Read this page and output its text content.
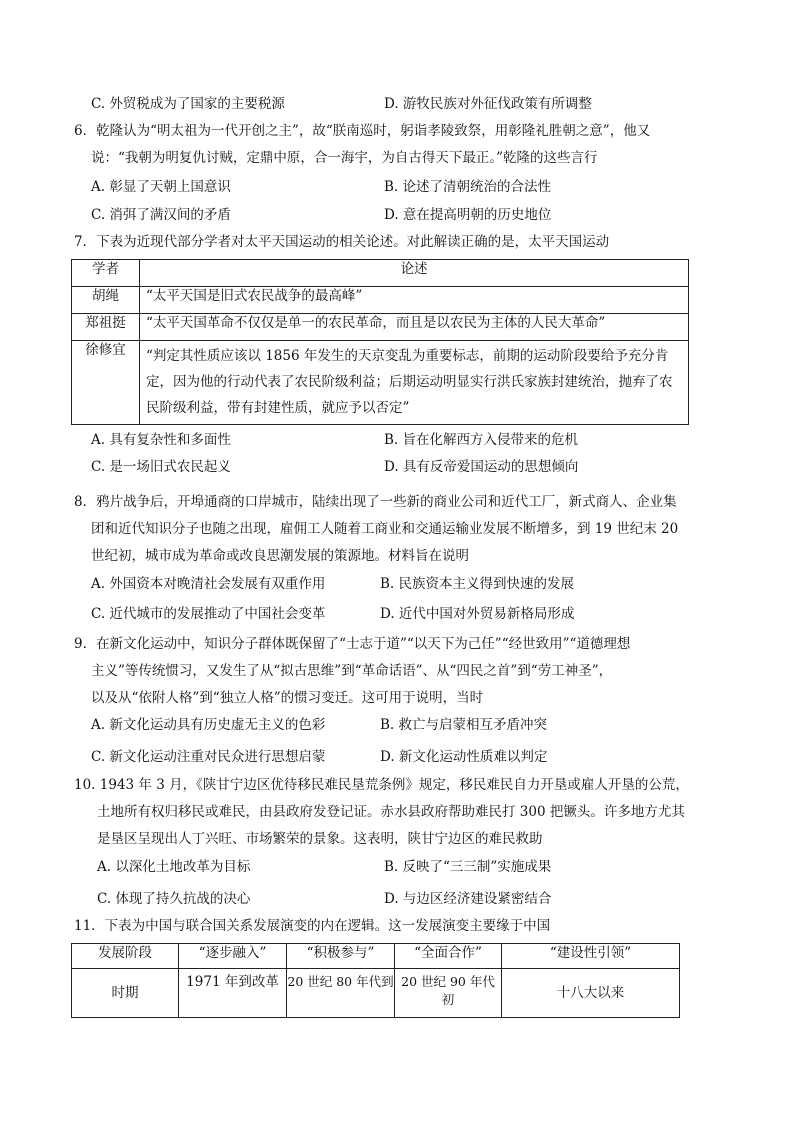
C. 外贸税成为了国家的主要税源	D. 游牧民族对外征伐政策有所调整
6．乾隆认为“明太祖为一代开创之主”，故“朕南巡时，躬诣孝陵致祭，用彰隆礼胜朝之意”，他又
说：“我朝为明复仇讨贼，定鼎中原，合一海宇，为自古得天下最正。”乾隆的这些言行
A. 彰显了天朝上国意识	B. 论述了清朝统治的合法性
C. 消弭了满汉间的矛盾	D. 意在提高明朝的历史地位
7．下表为近现代部分学者对太平天国运动的相关论述。对此解读正确的是，太平天国运动
学者	论述
胡绳	“太平天国是旧式农民战争的最高峰”
郑祖挺	“太平天国革命不仅仅是单一的农民革命，而且是以农民为主体的人民大革命”
徐修宜	“判定其性质应该以 1856 年发生的天京变乱为重要标志，前期的运动阶段要给予充分肯定，因为他的行动代表了农民阶级利益；后期运动明显实行洪氏家族封建统治，抛弃了农民阶级利益，带有封建性质，就应予以否定”
A. 具有复杂性和多面性	B. 旨在化解西方入侵带来的危机
C. 是一场旧式农民起义	D. 具有反帝爱国运动的思想倾向
8．鸦片战争后，开埠通商的口岸城市，陆续出现了一些新的商业公司和近代工厂，新式商人、企业集
团和近代知识分子也随之出现，雇佣工人随着工商业和交通运输业发展不断增多，到 19 世纪末 20
世纪初，城市成为革命或改良思潮发展的策源地。材料旨在说明
A. 外国资本对晚清社会发展有双重作用	B. 民族资本主义得到快速的发展
C. 近代城市的发展推动了中国社会变革	D. 近代中国对外贸易新格局形成
9．在新文化运动中，知识分子群体既保留了“士志于道”“以天下为己任”“经世致用”“道德理想
主义”等传统惯习，又发生了从“拟古思维”到“革命话语”、从“四民之首”到“劳工神圣”，
以及从“依附人格”到“独立人格”的惯习变迁。这可用于说明，当时
A. 新文化运动具有历史虚无主义的色彩	B. 救亡与启蒙相互矛盾冲突
C. 新文化运动注重对民众进行思想启蒙	D. 新文化运动性质难以判定
10. 1943 年 3 月，《陕甘宁边区优待移民难民垦荒条例》规定，移民难民自力开垦或雇人开垦的公荒，
土地所有权归移民或难民，由县政府发登记证。赤水县政府帮助难民打 300 把镢头。许多地方尤其
是垦区呈现出人丁兴旺、市场繁荣的景象。这表明，陕甘宁边区的难民救助
A. 以深化土地改革为目标	B. 反映了“三三制”实施成果
C. 体现了持久抗战的决心	D. 与边区经济建设紧密结合
11．下表为中国与联合国关系发展演变的内在逻辑。这一发展演变主要缘于中国
发展阶段	“逐步融入”	“积极参与”	“全面合作”	“建设性引领”
时期	1971 年到改革	20 世纪 80 年代到	20 世纪 90 年代初	十八大以来
